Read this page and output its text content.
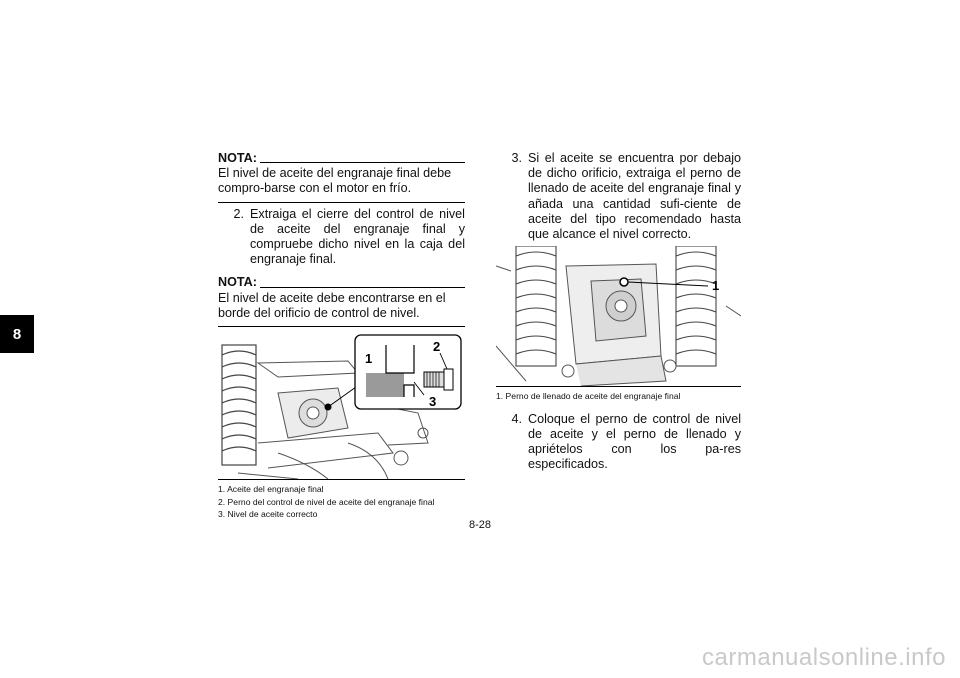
8
NOTA:
El nivel de aceite del engranaje final debe compro-barse con el motor en frío.
2. Extraiga el cierre del control de nivel de aceite del engranaje final y compruebe dicho nivel en la caja del engranaje final.
NOTA:
El nivel de aceite debe encontrarse en el borde del orificio de control de nivel.
1
2
3
1. Aceite del engranaje final
2. Perno del control de nivel de aceite del engranaje final
3. Nivel de aceite correcto
3. Si el aceite se encuentra por debajo de dicho orificio, extraiga el perno de llenado de aceite del engranaje final y añada una cantidad sufi-ciente de aceite del tipo recomendado hasta que alcance el nivel correcto.
1
1. Perno de llenado de aceite del engranaje final
4. Coloque el perno de control de nivel de aceite y el perno de llenado y apriételos con los pa-res especificados.
8-28
carmanualsonline.info
